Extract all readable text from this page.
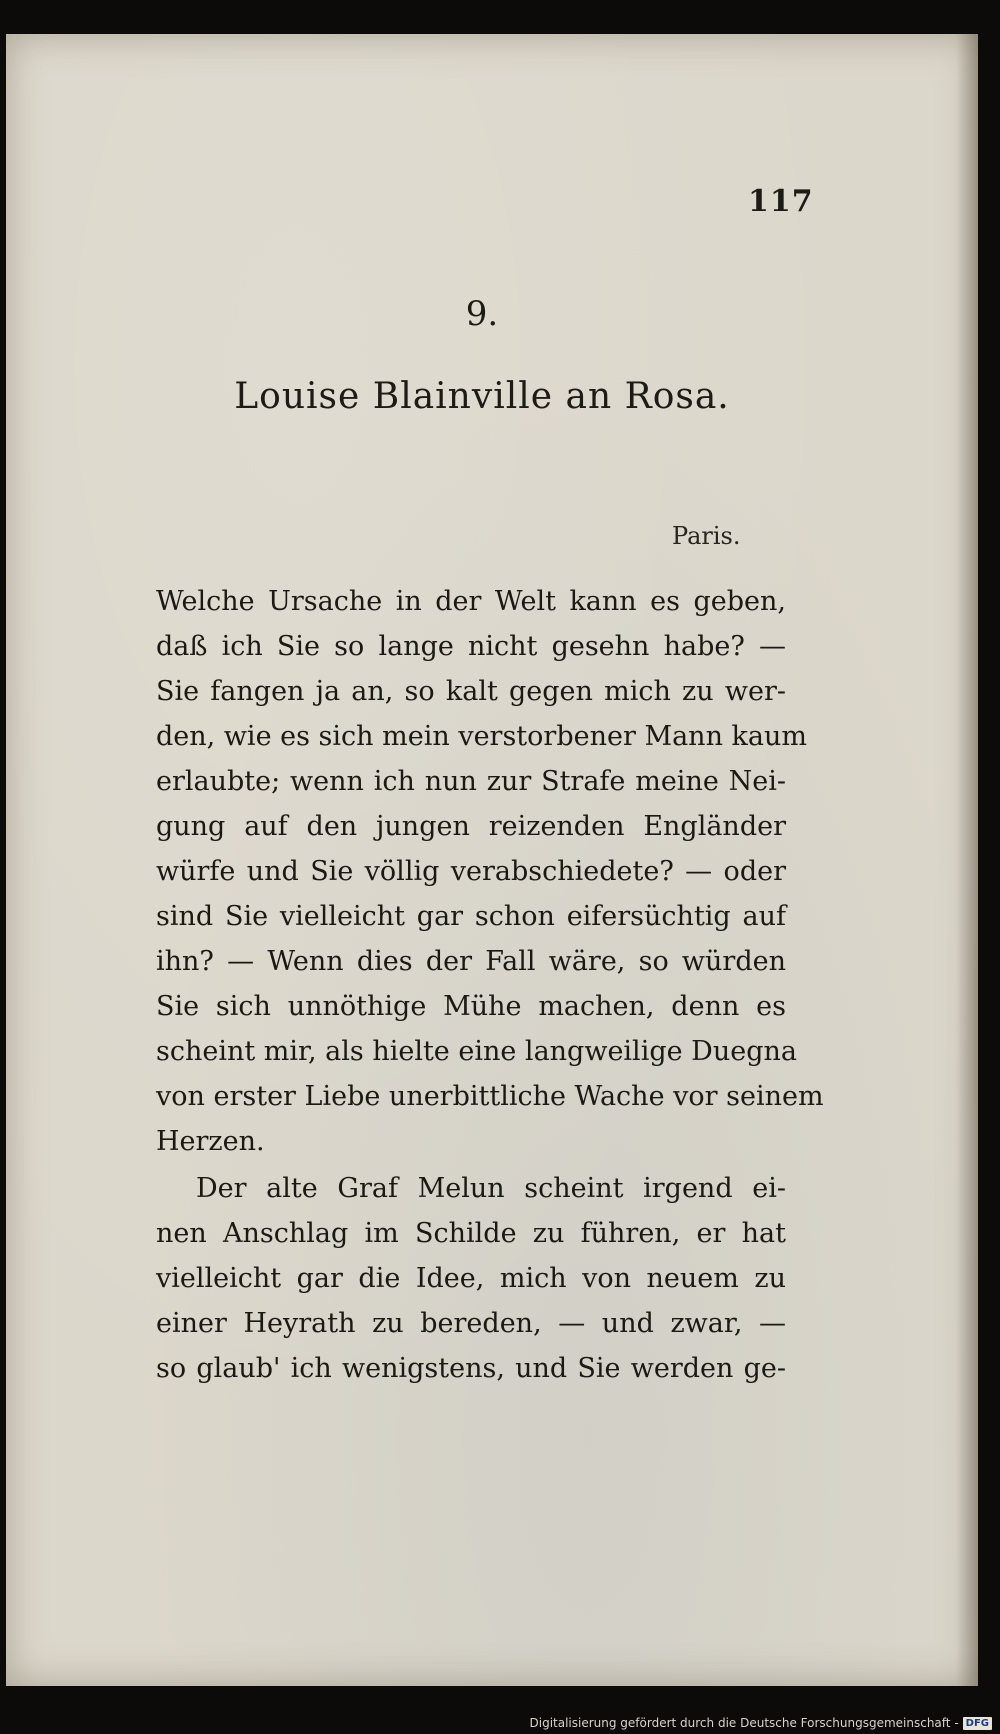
117
9.
Louise Blainville an Rosa.
Paris.
Welche Ursache in der Welt kann es geben,
daß ich Sie so lange nicht gesehn habe? —
Sie fangen ja an, so kalt gegen mich zu wer-
den, wie es sich mein verstorbener Mann kaum
erlaubte; wenn ich nun zur Strafe meine Nei-
gung auf den jungen reizenden Engländer
würfe und Sie völlig verabschiedete? — oder
sind Sie vielleicht gar schon eifersüchtig auf
ihn? — Wenn dies der Fall wäre, so würden
Sie sich unnöthige Mühe machen, denn es
scheint mir, als hielte eine langweilige Duegna
von erster Liebe unerbittliche Wache vor seinem
Herzen.
Der alte Graf Melun scheint irgend ei-
nen Anschlag im Schilde zu führen, er hat
vielleicht gar die Idee, mich von neuem zu
einer Heyrath zu bereden, — und zwar, —
so glaub' ich wenigstens, und Sie werden ge-
Digitalisierung gefördert durch die Deutsche Forschungsgemeinschaft - DFG
